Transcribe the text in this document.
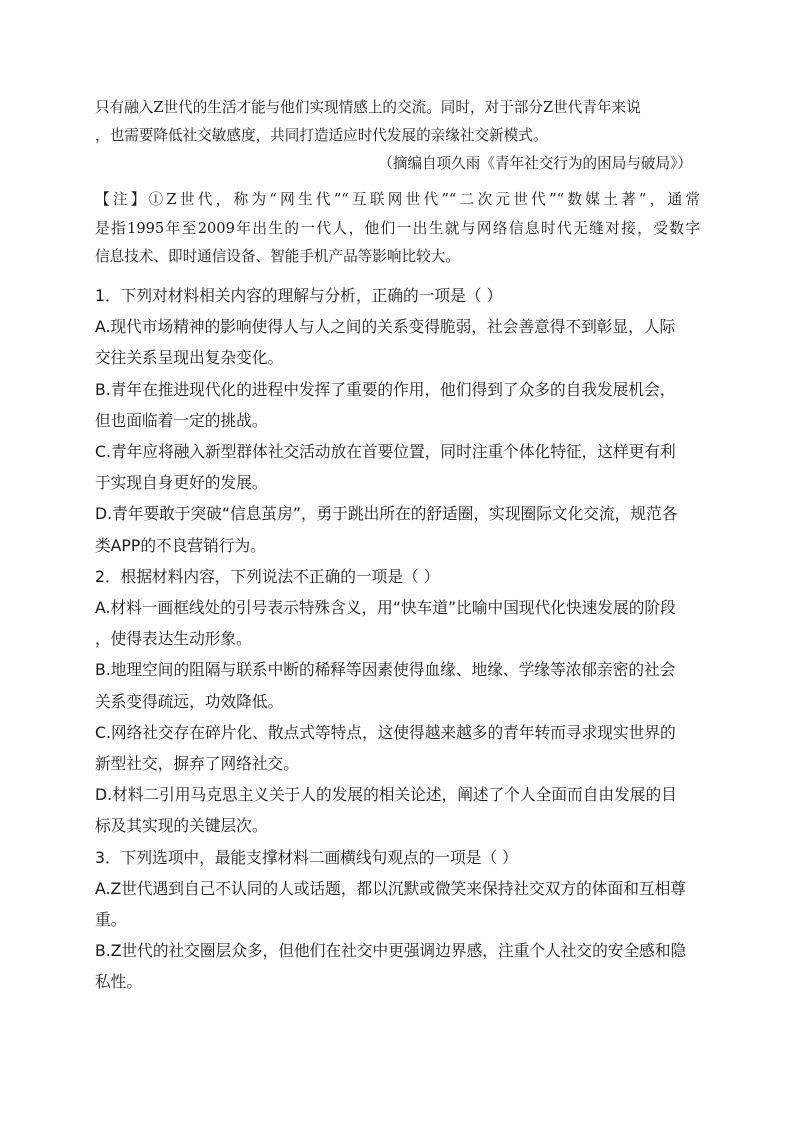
只有融入Z世代的生活才能与他们实现情感上的交流。同时，对于部分Z世代青年来说
，也需要降低社交敏感度，共同打造适应时代发展的亲缘社交新模式。
（摘编自项久雨《青年社交行为的困局与破局》）
【注】①Z世代，称为“网生代”“互联网世代”“二次元世代”“数媒土著”，通常
是指1995年至2009年出生的一代人，他们一出生就与网络信息时代无缝对接，受数字
信息技术、即时通信设备、智能手机产品等影响比较大。
1．下列对材料相关内容的理解与分析，正确的一项是（ ）
A.现代市场精神的影响使得人与人之间的关系变得脆弱，社会善意得不到彰显，人际
交往关系呈现出复杂变化。
B.青年在推进现代化的进程中发挥了重要的作用，他们得到了众多的自我发展机会，
但也面临着一定的挑战。
C.青年应将融入新型群体社交活动放在首要位置，同时注重个体化特征，这样更有利
于实现自身更好的发展。
D.青年要敢于突破“信息茧房”，勇于跳出所在的舒适圈，实现圈际文化交流，规范各
类APP的不良营销行为。
2．根据材料内容，下列说法不正确的一项是（ ）
A.材料一画框线处的引号表示特殊含义，用“快车道”比喻中国现代化快速发展的阶段
，使得表达生动形象。
B.地理空间的阻隔与联系中断的稀释等因素使得血缘、地缘、学缘等浓郁亲密的社会
关系变得疏远，功效降低。
C.网络社交存在碎片化、散点式等特点，这使得越来越多的青年转而寻求现实世界的
新型社交，摒弃了网络社交。
D.材料二引用马克思主义关于人的发展的相关论述，阐述了个人全面而自由发展的目
标及其实现的关键层次。
3．下列选项中，最能支撑材料二画横线句观点的一项是（ ）
A.Z世代遇到自己不认同的人或话题，都以沉默或微笑来保持社交双方的体面和互相尊
重。
B.Z世代的社交圈层众多，但他们在社交中更强调边界感，注重个人社交的安全感和隐
私性。
